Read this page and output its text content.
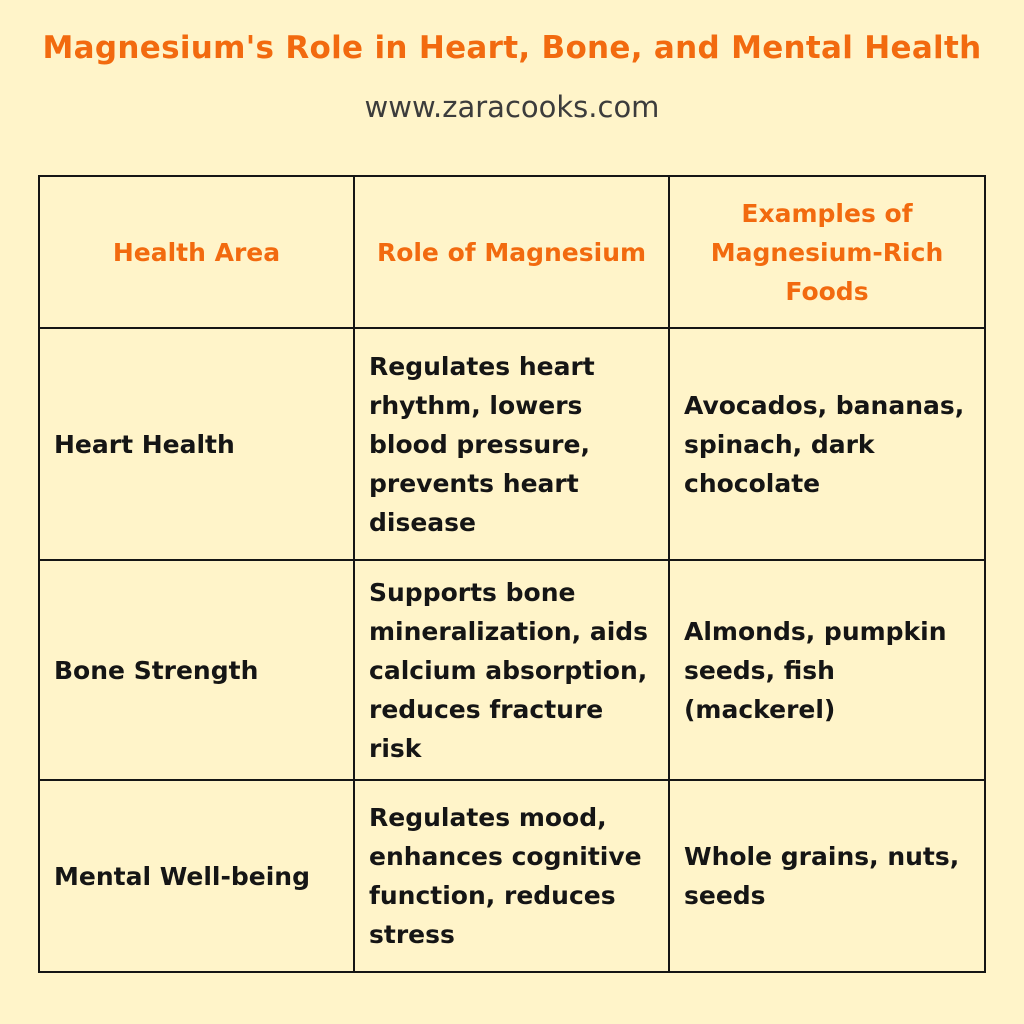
Magnesium's Role in Heart, Bone, and Mental Health

www.zaracooks.com

Health Area	Role of Magnesium	Examples of Magnesium-Rich Foods
Heart Health	Regulates heart rhythm, lowers blood pressure, prevents heart disease	Avocados, bananas, spinach, dark chocolate
Bone Strength	Supports bone mineralization, aids calcium absorption, reduces fracture risk	Almonds, pumpkin seeds, fish (mackerel)
Mental Well-being	Regulates mood, enhances cognitive function, reduces stress	Whole grains, nuts, seeds
